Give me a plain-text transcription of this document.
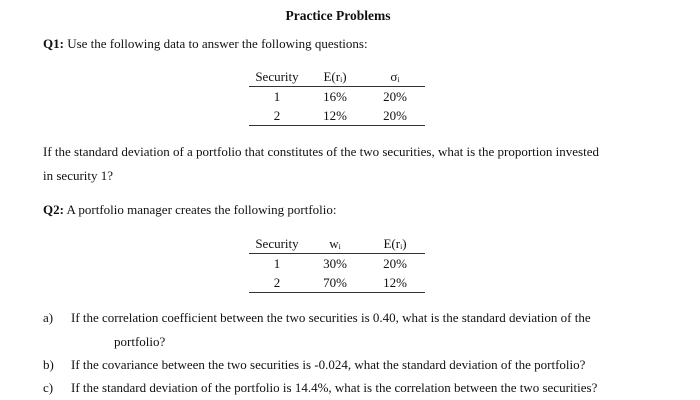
Practice Problems
Q1: Use the following data to answer the following questions:
Security	E(rᵢ)	σᵢ
1	16%	20%
2	12%	20%
If the standard deviation of a portfolio that constitutes of the two securities, what is the proportion invested
in security 1?
Q2: A portfolio manager creates the following portfolio:
Security	wᵢ	E(rᵢ)
1	30%	20%
2	70%	12%
a) If the correlation coefficient between the two securities is 0.40, what is the standard deviation of the
portfolio?
b) If the covariance between the two securities is -0.024, what the standard deviation of the portfolio?
c) If the standard deviation of the portfolio is 14.4%, what is the correlation between the two securities?
